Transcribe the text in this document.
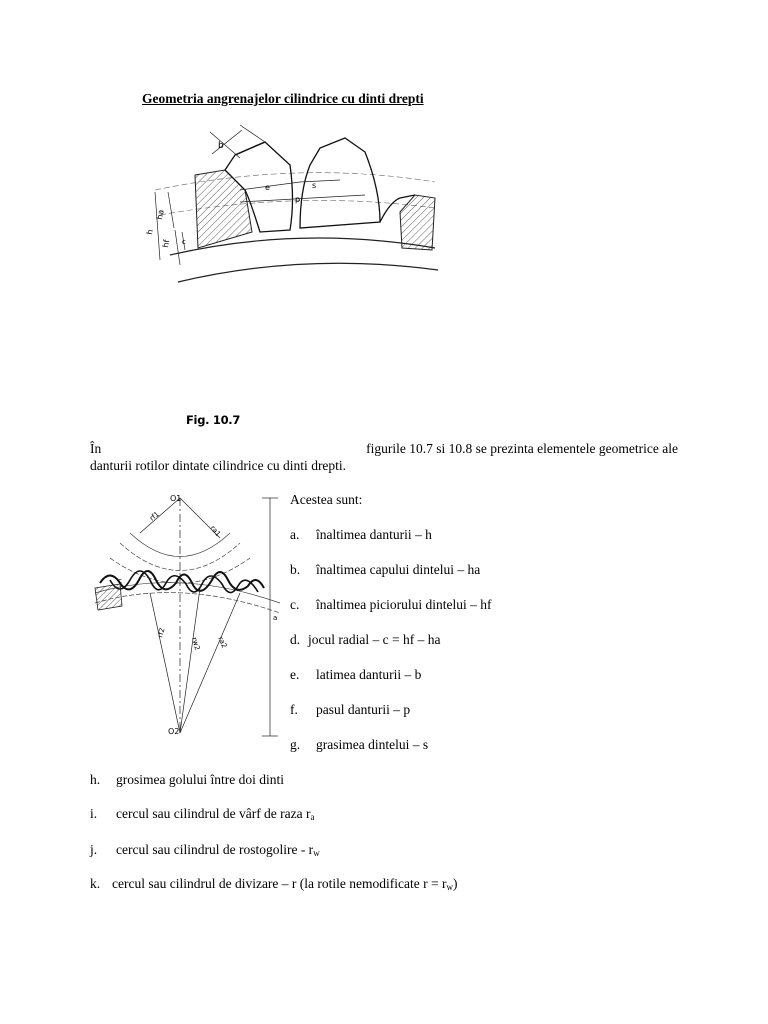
Geometria angrenajelor cilindrice cu dinti drepti
b
ha
h
hf c
e	s
p
Fig. 10.7
În	figurile 10.7 si 10.8 se prezinta elementele geometrice ale
danturii rotilor dintate cilindrice cu dinti drepti.
O1
O2
ra1
rf1
rf2
rw2 ra2
a
c
Acestea sunt:
a. înaltimea danturii – h
b. înaltimea capului dintelui – ha
c. înaltimea piciorului dintelui – hf
d. jocul radial – c = hf – ha
e. latimea danturii – b
f. pasul danturii – p
g. grasimea dintelui – s
h. grosimea golului între doi dinti
i. cercul sau cilindrul de vârf de raza $r_a$
j. cercul sau cilindrul de rostogolire - $r_w$
k. cercul sau cilindrul de divizare – r (la rotile nemodificate $r = r_w$)
